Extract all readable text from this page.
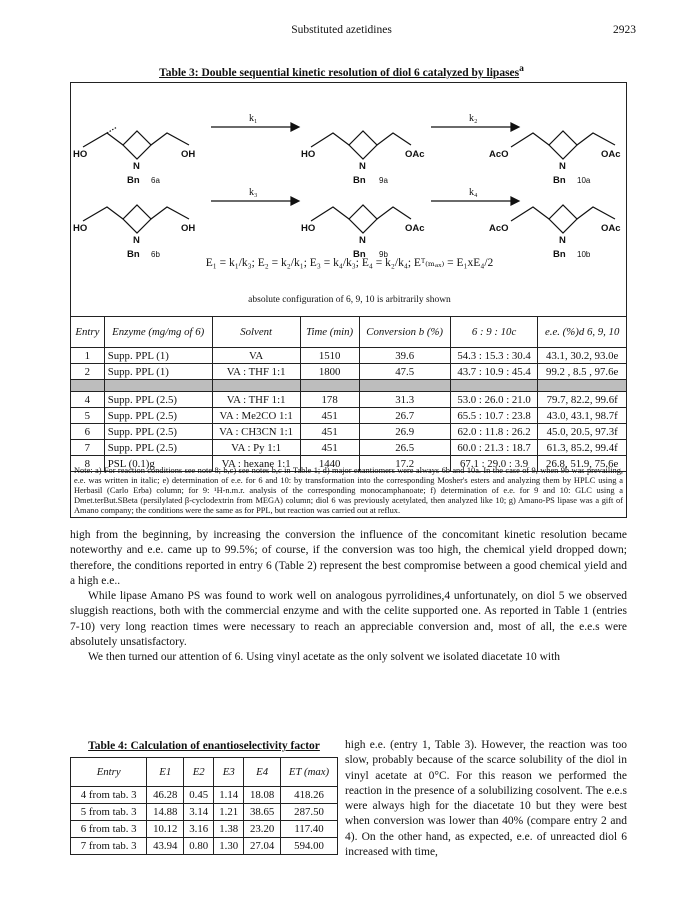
Substituted azetidines	2923
Table 3: Double sequential kinetic resolution of diol 6 catalyzed by lipases$^a$
HO
N
OH
Bn 6a
k₁
HO
N
OAc
Bn 9a
k₂
AcO
N
OAc
Bn 10a
HO
N
OH
Bn 6b
k₃
HO
N
OAc
Bn 9b
k₄
AcO
N
OAc
Bn 10b
E₁ = k₁/k₃; E₂ = k₂/k₁; E₃ = k₄/k₃; E₄ = k₂/k₄; Eᵀ₍ₘₐₓ₎ = E₁xE₄/2
absolute configuration of 6, 9, 10 is arbitrarily shown
Entry	Enzyme (mg/mg of 6)	Solvent	Time (min)	Conversion b (%)	6 : 9 : 10c	e.e. (%)d 6, 9, 10
1	Supp. PPL (1)	VA	1510	39.6	54.3 : 15.3 : 30.4	43.1, 30.2, 93.0e
2	Supp. PPL (1)	VA : THF 1:1	1800	47.5	43.7 : 10.9 : 45.4	99.2 , 8.5 , 97.6e

4	Supp. PPL (2.5)	VA : THF 1:1	178	31.3	53.0 : 26.0 : 21.0	79.7, 82.2, 99.6f
5	Supp. PPL (2.5)	VA : Me2CO 1:1	451	26.7	65.5 : 10.7 : 23.8	43.0, 43.1, 98.7f
6	Supp. PPL (2.5)	VA : CH3CN 1:1	451	26.9	62.0 : 11.8 : 26.2	45.0, 20.5, 97.3f
7	Supp. PPL (2.5)	VA : Py 1:1	451	26.5	60.0 : 21.3 : 18.7	61.3, 85.2, 99.4f
8	PSL (0.1)g	VA : hexane 1:1	1440	17.2	67.1 : 29.0 : 3.9	26.8, 51.9, 75.6e
Note: a) For reaction conditions see note 8; b,c) see notes b,c in Table 1; d) major enantiomers were always 6b and 10a. In the case of 9, when 9b was prevailing, e.e. was written in italic; e) determination of e.e. for 6 and 10: by transformation into the corresponding Mosher's esters and analyzing them by HPLC using a Herbasil (Carlo Erba) column; for 9: ¹H-n.m.r. analysis of the corresponding monocamphanoate; f) determination of e.e. for 9 and 10: GLC using a Dmet.terBut.SBeta (persilylated β-cyclodextrin from MEGA) column; diol 6 was previously acetylated, then analyzed like 10; g) Amano-PS lipase was a gift of Amano company; the conditions were the same as for PPL, but reaction was carried out at reflux.
high from the beginning, by increasing the conversion the influence of the concomitant kinetic resolution became noteworthy and e.e. came up to 99.5%; of course, if the conversion was too high, the chemical yield dropped down; therefore, the conditions reported in entry 6 (Table 2) represent the best compromise between a good chemical yield and a high e.e..
While lipase Amano PS was found to work well on analogous pyrrolidines,4 unfortunately, on diol 5 we observed sluggish reactions, both with the commercial enzyme and with the celite supported one. As reported in Table 1 (entries 7-10) very long reaction times were necessary to reach an appreciable conversion and, most of all, the e.e.s were absolutely unsatisfactory.
We then turned our attention of 6. Using vinyl acetate as the only solvent we isolated diacetate 10 with
Table 4: Calculation of enantioselectivity factor
Entry	E1	E2	E3	E4	ET (max)
4 from tab. 3	46.28	0.45	1.14	18.08	418.26
5 from tab. 3	14.88	3.14	1.21	38.65	287.50
6 from tab. 3	10.12	3.16	1.38	23.20	117.40
7 from tab. 3	43.94	0.80	1.30	27.04	594.00
high e.e. (entry 1, Table 3). However, the reaction was too slow, probably because of the scarce solubility of the diol in vinyl acetate at 0°C. For this reason we performed the reaction in the presence of a solubilizing cosolvent. The e.e.s were always high for the diacetate 10 but they were best when conversion was lower than 40% (compare entry 2 and 4). On the other hand, as expected, e.e. of unreacted diol 6 increased with time,
